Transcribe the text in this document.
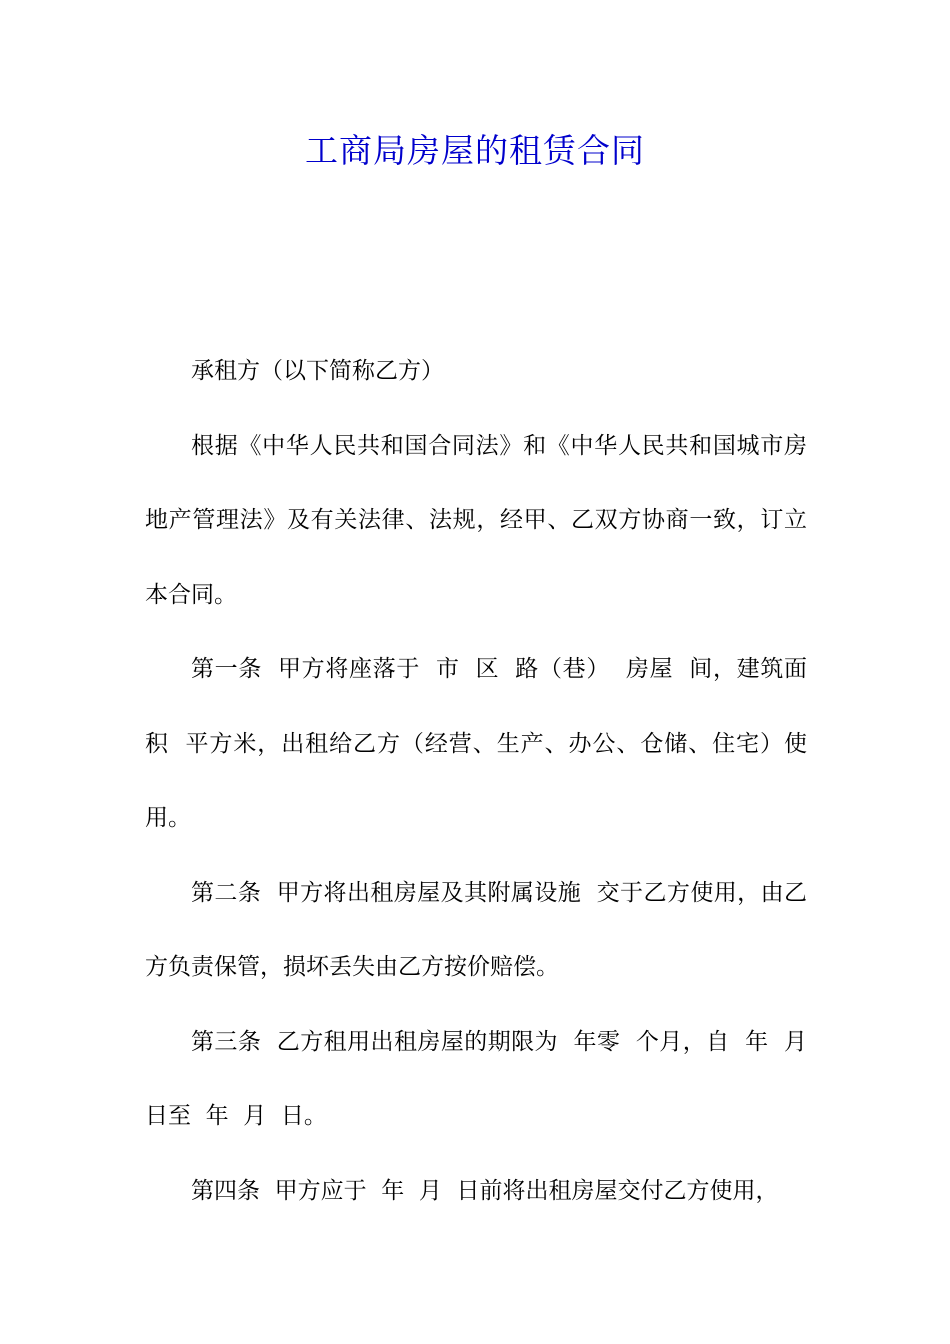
工商局房屋的租赁合同

承租方（以下简称乙方）

根据《中华人民共和国合同法》和《中华人民共和国城市房地产管理法》及有关法律、法规，经甲、乙双方协商一致，订立本合同。

第一条  甲方将座落于  市  区  路（巷）  房屋  间，建筑面积  平方米，出租给乙方（经营、生产、办公、仓储、住宅）使用。

第二条  甲方将出租房屋及其附属设施  交于乙方使用，由乙方负责保管，损坏丢失由乙方按价赔偿。

第三条  乙方租用出租房屋的期限为  年零  个月，自  年  月日至  年  月  日。

第四条  甲方应于  年  月  日前将出租房屋交付乙方使用，
